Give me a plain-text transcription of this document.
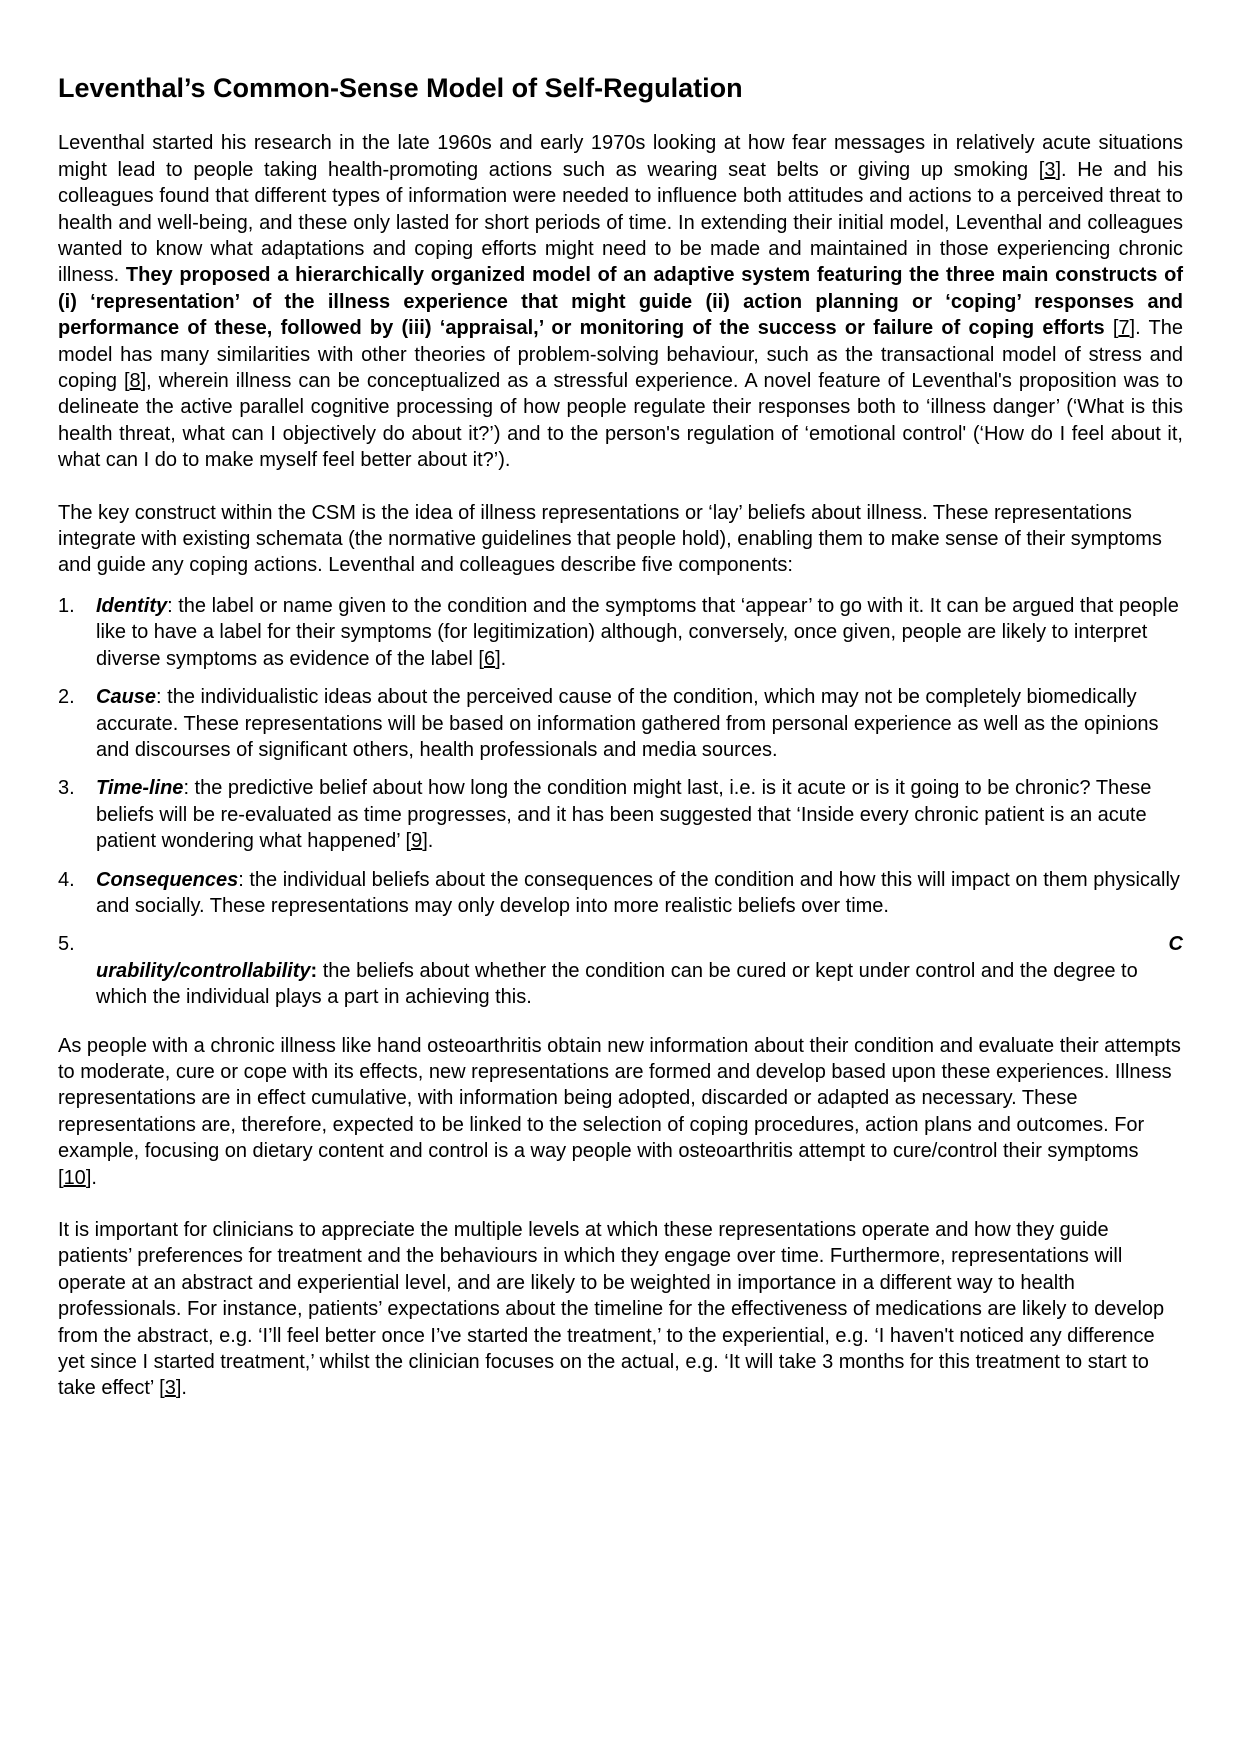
Leventhal’s Common-Sense Model of Self-Regulation

Leventhal started his research in the late 1960s and early 1970s looking at how fear messages in relatively acute situations might lead to people taking health-promoting actions such as wearing seat belts or giving up smoking [3]. He and his colleagues found that different types of information were needed to influence both attitudes and actions to a perceived threat to health and well-being, and these only lasted for short periods of time. In extending their initial model, Leventhal and colleagues wanted to know what adaptations and coping efforts might need to be made and maintained in those experiencing chronic illness. They proposed a hierarchically organized model of an adaptive system featuring the three main constructs of (i) ‘representation’ of the illness experience that might guide (ii) action planning or ‘coping’ responses and performance of these, followed by (iii) ‘appraisal,’ or monitoring of the success or failure of coping efforts [7]. The model has many similarities with other theories of problem-solving behaviour, such as the transactional model of stress and coping [8], wherein illness can be conceptualized as a stressful experience. A novel feature of Leventhal's proposition was to delineate the active parallel cognitive processing of how people regulate their responses both to ‘illness danger’ (‘What is this health threat, what can I objectively do about it?’) and to the person's regulation of ‘emotional control' (‘How do I feel about it, what can I do to make myself feel better about it?’).

The key construct within the CSM is the idea of illness representations or ‘lay’ beliefs about illness. These representations integrate with existing schemata (the normative guidelines that people hold), enabling them to make sense of their symptoms and guide any coping actions. Leventhal and colleagues describe five components:

1. Identity: the label or name given to the condition and the symptoms that ‘appear’ to go with it. It can be argued that people like to have a label for their symptoms (for legitimization) although, conversely, once given, people are likely to interpret diverse symptoms as evidence of the label [6].
2. Cause: the individualistic ideas about the perceived cause of the condition, which may not be completely biomedically accurate. These representations will be based on information gathered from personal experience as well as the opinions and discourses of significant others, health professionals and media sources.
3. Time-line: the predictive belief about how long the condition might last, i.e. is it acute or is it going to be chronic? These beliefs will be re-evaluated as time progresses, and it has been suggested that ‘Inside every chronic patient is an acute patient wondering what happened’ [9].
4. Consequences: the individual beliefs about the consequences of the condition and how this will impact on them physically and socially. These representations may only develop into more realistic beliefs over time.
5.	C
urability/controllability: the beliefs about whether the condition can be cured or kept under control and the degree to which the individual plays a part in achieving this.

As people with a chronic illness like hand osteoarthritis obtain new information about their condition and evaluate their attempts to moderate, cure or cope with its effects, new representations are formed and develop based upon these experiences. Illness representations are in effect cumulative, with information being adopted, discarded or adapted as necessary. These representations are, therefore, expected to be linked to the selection of coping procedures, action plans and outcomes. For example, focusing on dietary content and control is a way people with osteoarthritis attempt to cure/control their symptoms [10].

It is important for clinicians to appreciate the multiple levels at which these representations operate and how they guide patients’ preferences for treatment and the behaviours in which they engage over time. Furthermore, representations will operate at an abstract and experiential level, and are likely to be weighted in importance in a different way to health professionals. For instance, patients’ expectations about the timeline for the effectiveness of medications are likely to develop from the abstract, e.g. ‘I’ll feel better once I’ve started the treatment,’ to the experiential, e.g. ‘I haven't noticed any difference yet since I started treatment,’ whilst the clinician focuses on the actual, e.g. ‘It will take 3 months for this treatment to start to take effect’ [3].
